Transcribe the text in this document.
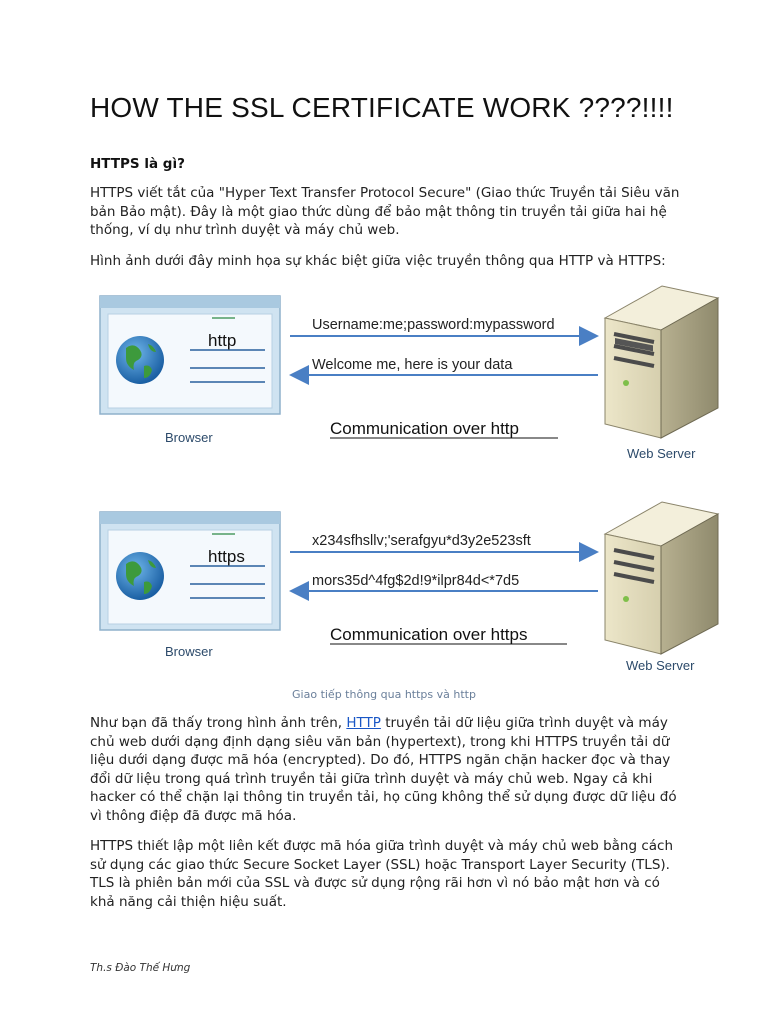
HOW THE SSL CERTIFICATE WORK ????!!!!
HTTPS là gì?
HTTPS viết tắt của "Hyper Text Transfer Protocol Secure" (Giao thức Truyền tải Siêu văn bản Bảo mật). Đây là một giao thức dùng để bảo mật thông tin truyền tải giữa hai hệ thống, ví dụ như trình duyệt và máy chủ web.
Hình ảnh dưới đây minh họa sự khác biệt giữa việc truyền thông qua HTTP và HTTPS:
http
Browser
Username:me;password:mypassword
Welcome me, here is your data
Communication over http
Web Server
https
Browser
x234sfhsllv;'serafgyu*d3y2e523sft
mors35d^4fg$2d!9*ilpr84d<*7d5
Communication over https
Web Server
Giao tiếp thông qua https và http
Như bạn đã thấy trong hình ảnh trên, HTTP truyền tải dữ liệu giữa trình duyệt và máy chủ web dưới dạng định dạng siêu văn bản (hypertext), trong khi HTTPS truyền tải dữ liệu dưới dạng được mã hóa (encrypted). Do đó, HTTPS ngăn chặn hacker đọc và thay đổi dữ liệu trong quá trình truyền tải giữa trình duyệt và máy chủ web. Ngay cả khi hacker có thể chặn lại thông tin truyền tải, họ cũng không thể sử dụng được dữ liệu đó vì thông điệp đã được mã hóa.
HTTPS thiết lập một liên kết được mã hóa giữa trình duyệt và máy chủ web bằng cách sử dụng các giao thức Secure Socket Layer (SSL) hoặc Transport Layer Security (TLS). TLS là phiên bản mới của SSL và được sử dụng rộng rãi hơn vì nó bảo mật hơn và có khả năng cải thiện hiệu suất.
Th.s Đào Thế Hưng
